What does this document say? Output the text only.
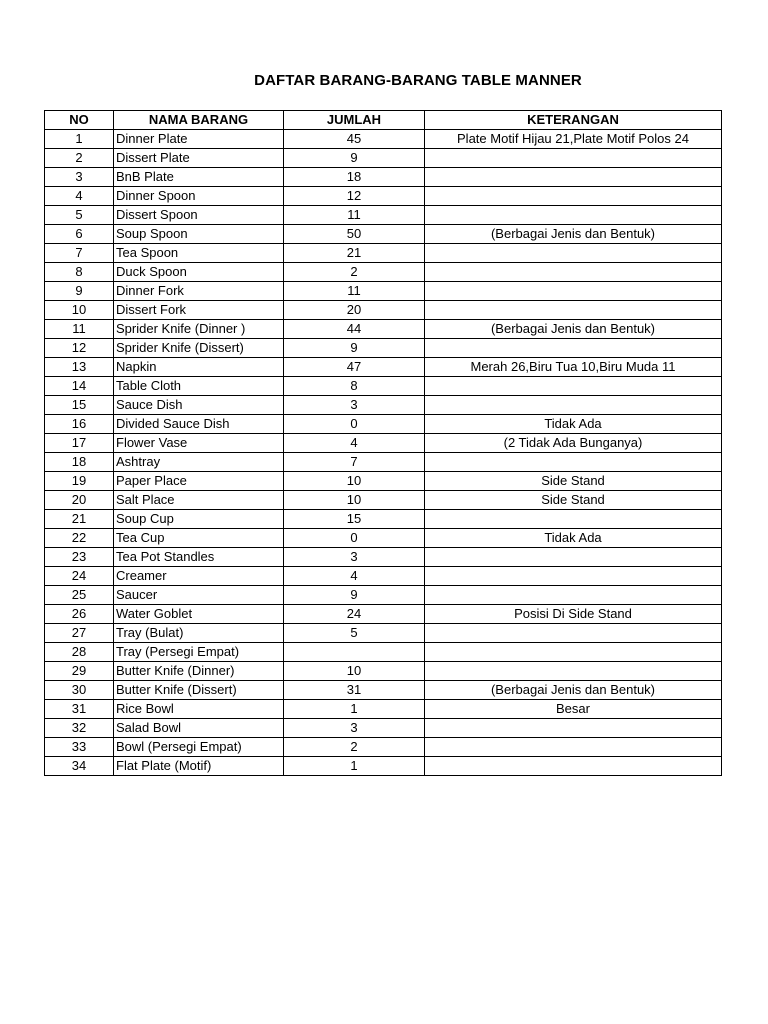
DAFTAR BARANG-BARANG TABLE MANNER
NO	NAMA BARANG	JUMLAH	KETERANGAN
1	Dinner Plate	45	Plate Motif Hijau 21,Plate Motif Polos 24
2	Dissert Plate	9	
3	BnB Plate	18	
4	Dinner Spoon	12	
5	Dissert Spoon	11	
6	Soup Spoon	50	(Berbagai Jenis dan Bentuk)
7	Tea Spoon	21	
8	Duck Spoon	2	
9	Dinner Fork	11	
10	Dissert Fork	20	
11	Sprider Knife (Dinner )	44	(Berbagai Jenis dan Bentuk)
12	Sprider Knife (Dissert)	9	
13	Napkin	47	Merah 26,Biru Tua 10,Biru Muda 11
14	Table Cloth	8	
15	Sauce Dish	3	
16	Divided Sauce Dish	0	Tidak Ada
17	Flower Vase	4	(2 Tidak Ada Bunganya)
18	Ashtray	7	
19	Paper Place	10	Side Stand
20	Salt Place	10	Side Stand
21	Soup Cup	15	
22	Tea Cup	0	Tidak Ada
23	Tea Pot Standles	3	
24	Creamer	4	
25	Saucer	9	
26	Water Goblet	24	Posisi Di Side Stand
27	Tray (Bulat)	5	
28	Tray (Persegi Empat)		
29	Butter Knife (Dinner)	10	
30	Butter Knife (Dissert)	31	(Berbagai Jenis dan Bentuk)
31	Rice Bowl	1	Besar
32	Salad Bowl	3	
33	Bowl (Persegi Empat)	2	
34	Flat Plate (Motif)	1	
